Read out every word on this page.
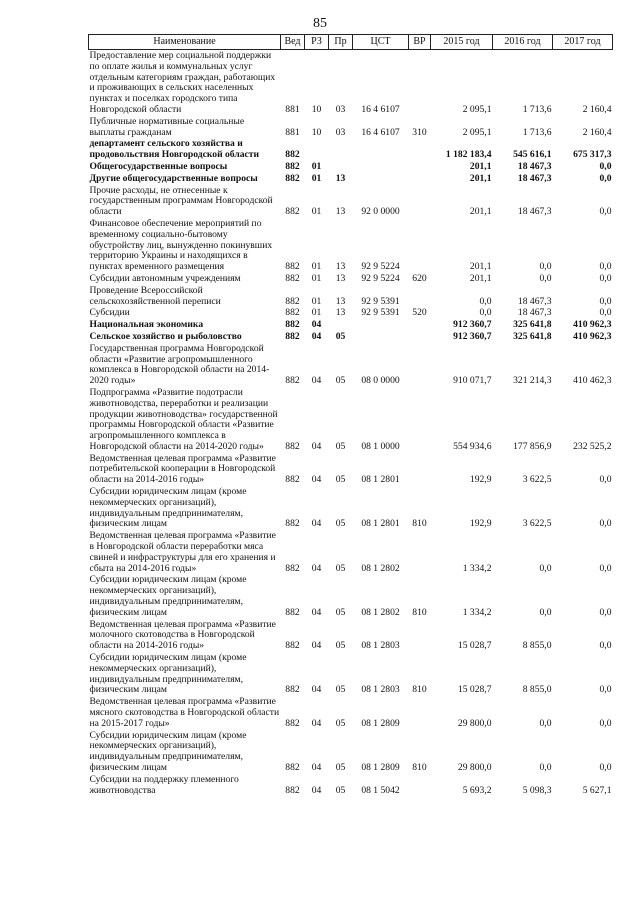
85
Наименование	Вед	РЗ	Пр	ЦСТ	ВР	2015 год	2016 год	2017 год
Предоставление мер социальной поддержки по оплате жилья и коммунальных услуг отдельным категориям граждан, работающих и проживающих в сельских населенных пунктах и поселках городского типа Новгородской области	881	10	03	16 4 6107		2 095,1	1 713,6	2 160,4
Публичные нормативные социальные выплаты гражданам	881	10	03	16 4 6107	310	2 095,1	1 713,6	2 160,4
департамент сельского хозяйства и продовольствия Новгородской области	882					1 182 183,4	545 616,1	675 317,3
Общегосударственные вопросы	882	01				201,1	18 467,3	0,0
Другие общегосударственные вопросы	882	01	13			201,1	18 467,3	0,0
Прочие расходы, не отнесенные к государственным программам Новгородской области	882	01	13	92 0 0000		201,1	18 467,3	0,0
Финансовое обеспечение мероприятий по временному социально-бытовому обустройству лиц, вынужденно покинувших территорию Украины и находящихся в пунктах временного размещения	882	01	13	92 9 5224		201,1	0,0	0,0
Субсидии автономным учреждениям	882	01	13	92 9 5224	620	201,1	0,0	0,0
Проведение Всероссийской сельскохозяйственной переписи	882	01	13	92 9 5391		0,0	18 467,3	0,0
Субсидии	882	01	13	92 9 5391	520	0,0	18 467,3	0,0
Национальная экономика	882	04				912 360,7	325 641,8	410 962,3
Сельское хозяйство и рыболовство	882	04	05			912 360,7	325 641,8	410 962,3
Государственная программа Новгородской области «Развитие агропромышленного комплекса в Новгородской области на 2014-2020 годы»	882	04	05	08 0 0000		910 071,7	321 214,3	410 462,3
Подпрограмма «Развитие подотрасли животноводства, переработки и реализации продукции животноводства» государственной программы Новгородской области «Развитие агропромышленного комплекса в Новгородской области на 2014-2020 годы»	882	04	05	08 1 0000		554 934,6	177 856,9	232 525,2
Ведомственная целевая программа «Развитие потребительской кооперации в Новгородской области на 2014-2016 годы»	882	04	05	08 1 2801		192,9	3 622,5	0,0
Субсидии юридическим лицам (кроме некоммерческих организаций), индивидуальным предпринимателям, физическим лицам	882	04	05	08 1 2801	810	192,9	3 622,5	0,0
Ведомственная целевая программа «Развитие в Новгородской области переработки мяса свиней и инфраструктуры для его хранения и сбыта на 2014-2016 годы»	882	04	05	08 1 2802		1 334,2	0,0	0,0
Субсидии юридическим лицам (кроме некоммерческих организаций), индивидуальным предпринимателям, физическим лицам	882	04	05	08 1 2802	810	1 334,2	0,0	0,0
Ведомственная целевая программа «Развитие молочного скотоводства в Новгородской области на 2014-2016 годы»	882	04	05	08 1 2803		15 028,7	8 855,0	0,0
Субсидии юридическим лицам (кроме некоммерческих организаций), индивидуальным предпринимателям, физическим лицам	882	04	05	08 1 2803	810	15 028,7	8 855,0	0,0
Ведомственная целевая программа «Развитие мясного скотоводства в Новгородской области на 2015-2017 годы»	882	04	05	08 1 2809		29 800,0	0,0	0,0
Субсидии юридическим лицам (кроме некоммерческих организаций), индивидуальным предпринимателям, физическим лицам	882	04	05	08 1 2809	810	29 800,0	0,0	0,0
Субсидии на поддержку племенного животноводства	882	04	05	08 1 5042		5 693,2	5 098,3	5 627,1
